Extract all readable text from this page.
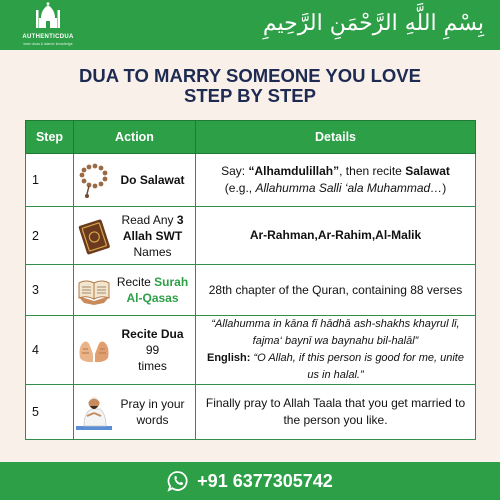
AUTHENTICDUA
learn duas & islamic knowledge
بِسْمِ اللَّهِ الرَّحْمَنِ الرَّحِيمِ
DUA TO MARRY SOMEONE YOU LOVE
STEP BY STEP
Step	Action	Details
1	Do Salawat	Say: “Alhamdulillah”, then recite Salawat
(e.g., Allahumma Salli ‘ala Muhammad…)
2	Read Any 3
Allah SWT
Names	Ar-Rahman,Ar-Rahim,Al-Malik
3	Recite Surah Al-Qasas	28th chapter of the Quran, containing 88 verses
4	Recite Dua 99
times	“Allahumma in kāna fī hādhā ash-shakhs khayrul lī, fajma‘ baynī wa baynahu bil-halāl”
English: “O Allah, if this person is good for me, unite us in halal.”
5	Pray in your words	Finally pray to Allah Taala that you get married to the person you like.
+91 6377305742
